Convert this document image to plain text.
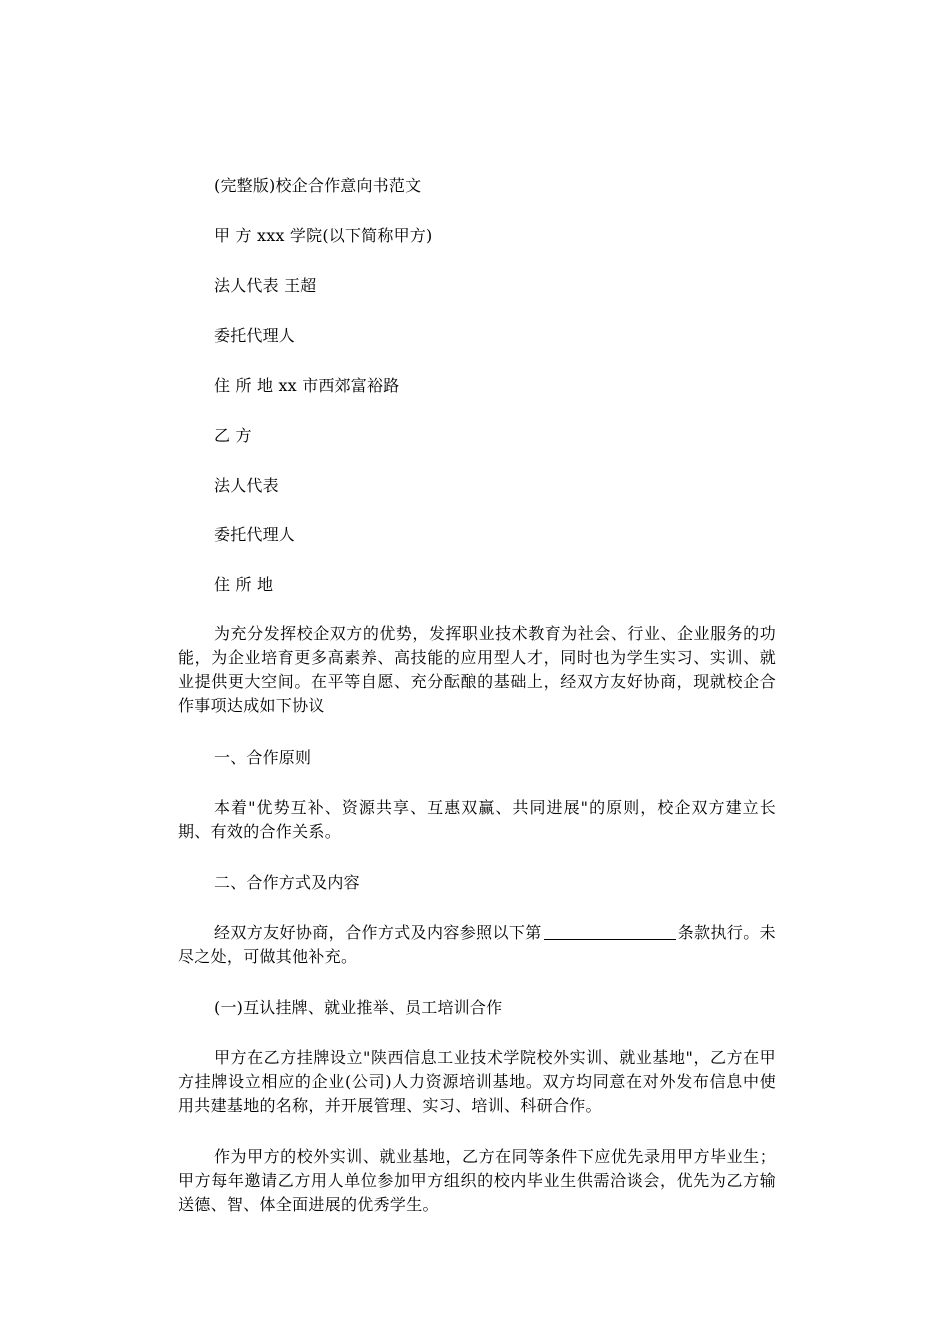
(完整版)校企合作意向书范文
甲 方 xxx 学院(以下简称甲方)
法人代表 王超
委托代理人
住 所 地 xx 市西郊富裕路
乙 方
法人代表
委托代理人
住 所 地
为充分发挥校企双方的优势，发挥职业技术教育为社会、行业、企业服务的功能，为企业培育更多高素养、高技能的应用型人才，同时也为学生实习、实训、就业提供更大空间。在平等自愿、充分酝酿的基础上，经双方友好协商，现就校企合作事项达成如下协议
一、合作原则
本着"优势互补、资源共享、互惠双赢、共同进展"的原则，校企双方建立长期、有效的合作关系。
二、合作方式及内容
经双方友好协商，合作方式及内容参照以下第	条款执行。未尽之处，可做其他补充。
(一)互认挂牌、就业推举、员工培训合作
甲方在乙方挂牌设立"陕西信息工业技术学院校外实训、就业基地"，乙方在甲方挂牌设立相应的企业(公司)人力资源培训基地。双方均同意在对外发布信息中使用共建基地的名称，并开展管理、实习、培训、科研合作。
作为甲方的校外实训、就业基地，乙方在同等条件下应优先录用甲方毕业生；甲方每年邀请乙方用人单位参加甲方组织的校内毕业生供需洽谈会，优先为乙方输送德、智、体全面进展的优秀学生。
